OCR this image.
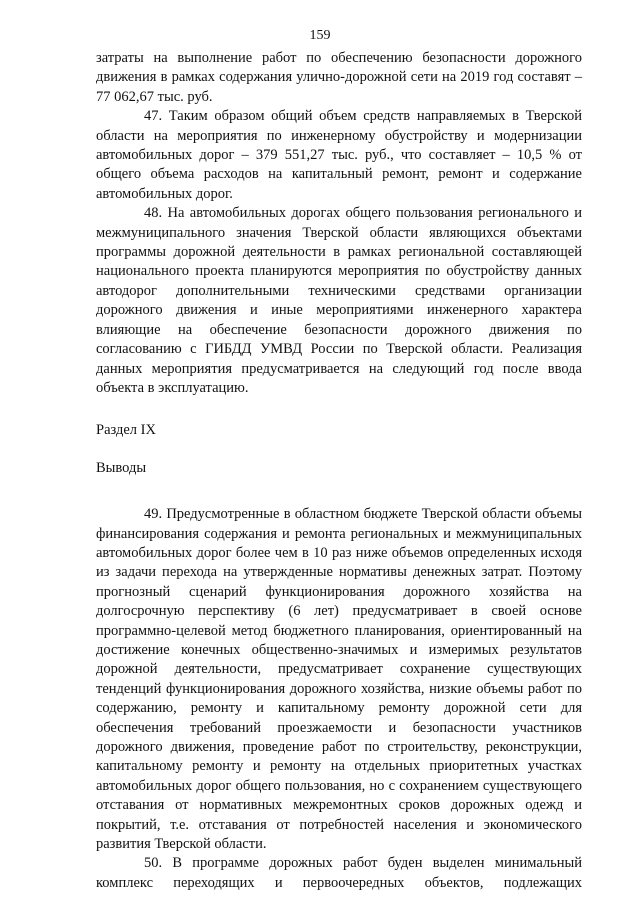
159

затраты на выполнение работ по обеспечению безопасности дорожного движения в рамках содержания улично-дорожной сети на 2019 год составят – 77 062,67 тыс. руб.

47. Таким образом общий объем средств направляемых в Тверской области на мероприятия по инженерному обустройству и модернизации автомобильных дорог – 379 551,27 тыс. руб., что составляет – 10,5 % от общего объема расходов на капитальный ремонт, ремонт и содержание автомобильных дорог.

48. На автомобильных дорогах общего пользования регионального и межмуниципального значения Тверской области являющихся объектами программы дорожной деятельности в рамках региональной составляющей национального проекта планируются мероприятия по обустройству данных автодорог дополнительными техническими средствами организации дорожного движения и иные мероприятиями инженерного характера влияющие на обеспечение безопасности дорожного движения по согласованию с ГИБДД УМВД России по Тверской области. Реализация данных мероприятия предусматривается на следующий год после ввода объекта в эксплуатацию.

Раздел IX

Выводы

49. Предусмотренные в областном бюджете Тверской области объемы финансирования содержания и ремонта региональных и межмуниципальных автомобильных дорог более чем в 10 раз ниже объемов определенных исходя из задачи перехода на утвержденные нормативы денежных затрат. Поэтому прогнозный сценарий функционирования дорожного хозяйства на долгосрочную перспективу (6 лет) предусматривает в своей основе программно-целевой метод бюджетного планирования, ориентированный на достижение конечных общественно-значимых и измеримых результатов дорожной деятельности, предусматривает сохранение существующих тенденций функционирования дорожного хозяйства, низкие объемы работ по содержанию, ремонту и капитальному ремонту дорожной сети для обеспечения требований проезжаемости и безопасности участников дорожного движения, проведение работ по строительству, реконструкции, капитальному ремонту и ремонту на отдельных приоритетных участках автомобильных дорог общего пользования, но с сохранением существующего отставания от нормативных межремонтных сроков дорожных одежд и покрытий, т.е. отставания от потребностей населения и экономического развития Тверской области.

50. В программе дорожных работ буден выделен минимальный комплекс переходящих и первоочередных объектов, подлежащих
